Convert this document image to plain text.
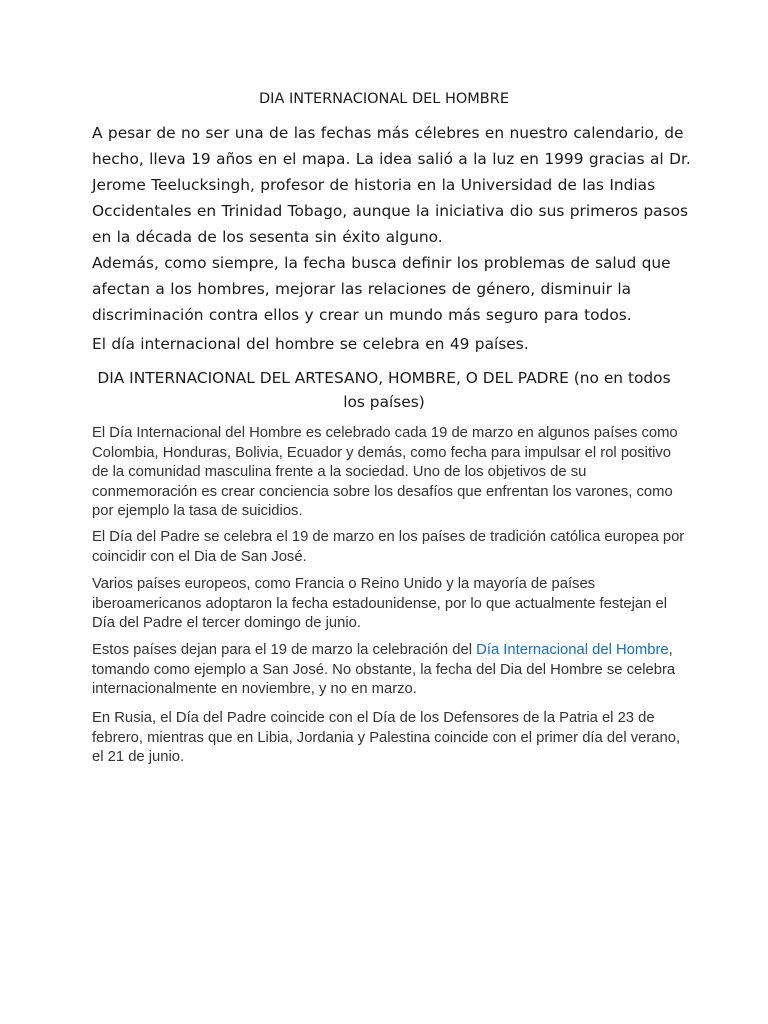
DIA INTERNACIONAL DEL HOMBRE

A pesar de no ser una de las fechas más célebres en nuestro calendario, de hecho, lleva 19 años en el mapa. La idea salió a la luz en 1999 gracias al Dr. Jerome Teelucksingh, profesor de historia en la Universidad de las Indias Occidentales en Trinidad Tobago, aunque la iniciativa dio sus primeros pasos en la década de los sesenta sin éxito alguno.

Además, como siempre, la fecha busca definir los problemas de salud que afectan a los hombres, mejorar las relaciones de género, disminuir la discriminación contra ellos y crear un mundo más seguro para todos.

El día internacional del hombre se celebra en 49 países.

DIA INTERNACIONAL DEL ARTESANO, HOMBRE, O DEL PADRE (no en todos los países)

El Día Internacional del Hombre es celebrado cada 19 de marzo en algunos países como Colombia, Honduras, Bolivia, Ecuador y demás, como fecha para impulsar el rol positivo de la comunidad masculina frente a la sociedad. Uno de los objetivos de su conmemoración es crear conciencia sobre los desafíos que enfrentan los varones, como por ejemplo la tasa de suicidios.

El Día del Padre se celebra el 19 de marzo en los países de tradición católica europea por coincidir con el Dia de San José.

Varios países europeos, como Francia o Reino Unido y la mayoría de países iberoamericanos adoptaron la fecha estadounidense, por lo que actualmente festejan el Día del Padre el tercer domingo de junio.

Estos países dejan para el 19 de marzo la celebración del Día Internacional del Hombre, tomando como ejemplo a San José. No obstante, la fecha del Dia del Hombre se celebra internacionalmente en noviembre, y no en marzo.

En Rusia, el Día del Padre coincide con el Día de los Defensores de la Patria el 23 de febrero, mientras que en Libia, Jordania y Palestina coincide con el primer día del verano, el 21 de junio.
